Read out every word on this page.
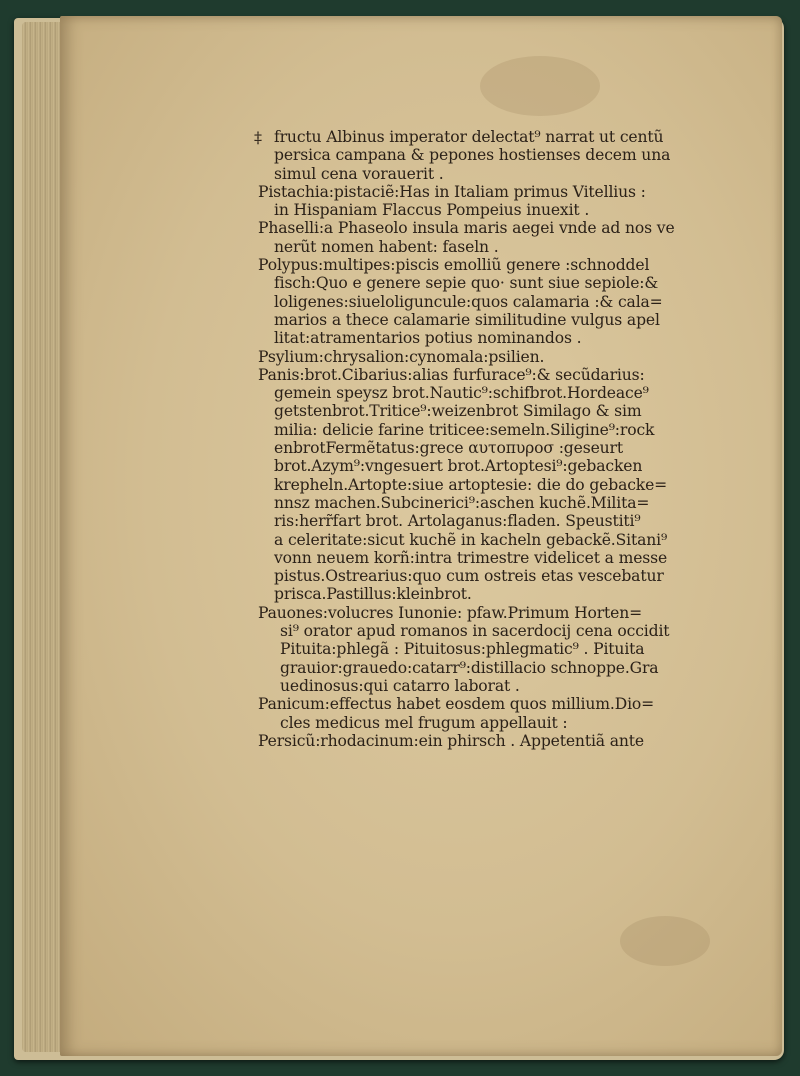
‡ fructu Albinus imperator delectat⁹ narrat ut centũ
persica campana & pepones hostienses decem una
simul cena vorauerit .
Pistachia:pistaciẽ:Has in Italiam primus Vitellius :
in Hispaniam Flaccus Pompeius inuexit .
Phaselli:a Phaseolo insula maris aegei vnde ad nos ve
nerũt nomen habent: faseln .
Polypus:multipes:piscis emolliũ genere :schnoddel
fisch:Quo e genere sepie quo· sunt siue sepiole:&
loligenes:siueloliguncule:quos calamaria :& cala=
marios a thece calamarie similitudine vulgus apel
litat:atramentarios potius nominandos .
Psylium:chrysalion:cynomala:psilien.
Panis:brot.Cibarius:alias furfurace⁹:& secũdarius:
gemein speysz brot.Nautic⁹:schifbrot.Hordeace⁹
getstenbrot.Tritice⁹:weizenbrot Similago & sim
milia: delicie farine triticee:semeln.Siligine⁹:rock
enbrotFermẽtatus:grece αυτοπυροσ :geseurt
brot.Azym⁹:vngesuert brot.Artoptesi⁹:gebacken
krepheln.Artopte:siue artoptesie: die do gebacke=
nnsz machen.Subcinerici⁹:aschen kuchẽ.Milita=
ris:herr̃fart brot. Artolaganus:fladen. Speustiti⁹
a celeritate:sicut kuchẽ in kacheln gebackẽ.Sitani⁹
vonn neuem korñ:intra trimestre videlicet a messe
pistus.Ostrearius:quo cum ostreis etas vescebatur
prisca.Pastillus:kleinbrot.
Pauones:volucres Iunonie: pfaw.Primum Horten=
si⁹ orator apud romanos in sacerdocij cena occidit
Pituita:phlegã : Pituitosus:phlegmatic⁹ . Pituita
grauior:grauedo:catarr⁹:distillacio schnoppe.Gra
uedinosus:qui catarro laborat .
Panicum:effectus habet eosdem quos millium.Dio=
cles medicus mel frugum appellauit :
Persicũ:rhodacinum:ein phirsch . Appetentiã ante
